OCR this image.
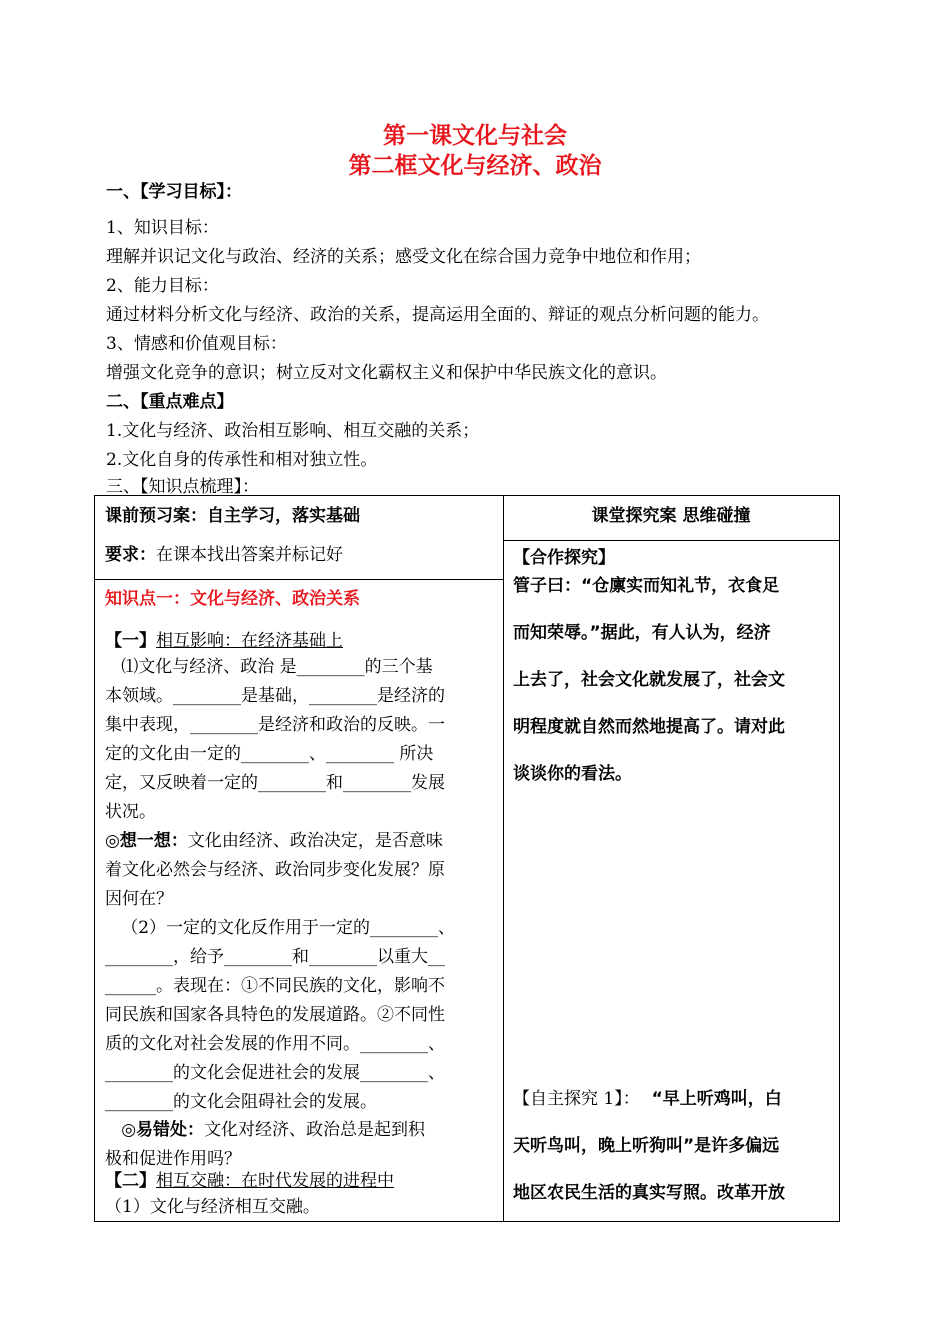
第一课文化与社会
第二框文化与经济、政治
一、【学习目标】：
1、知识目标：
理解并识记文化与政治、经济的关系；感受文化在综合国力竞争中地位和作用；
2、能力目标：
通过材料分析文化与经济、政治的关系，提高运用全面的、辩证的观点分析问题的能力。
3、情感和价值观目标：
增强文化竞争的意识；树立反对文化霸权主义和保护中华民族文化的意识。
二、【重点难点】
1.文化与经济、政治相互影响、相互交融的关系；
2.文化自身的传承性和相对独立性。
三、【知识点梳理】：
课前预习案：自主学习，落实基础
要求：在课本找出答案并标记好
课堂探究案 思维碰撞
知识点一：文化与经济、政治关系
【一】相互影响：在经济基础上
⑴文化与经济、政治 是________的三个基
本领域。________是基础，________是经济的
集中表现，________是经济和政治的反映。一
定的文化由一定的________、________ 所决
定，又反映着一定的________和________发展
状况。
◎想一想：文化由经济、政治决定，是否意味
着文化必然会与经济、政治同步变化发展？原
因何在？
（2）一定的文化反作用于一定的________、
________，给予________和________以重大__
______。表现在：①不同民族的文化，影响不
同民族和国家各具特色的发展道路。②不同性
质的文化对社会发展的作用不同。________、
________的文化会促进社会的发展________、
________的文化会阻碍社会的发展。
◎易错处：文化对经济、政治总是起到积
极和促进作用吗？
【二】相互交融：在时代发展的进程中
（1）文化与经济相互交融。
【合作探究】
管子曰：“仓廪实而知礼节，衣食足
而知荣辱。”据此，有人认为，经济
上去了，社会文化就发展了，社会文
明程度就自然而然地提高了。请对此
谈谈你的看法。
【自主探究 1】：  “早上听鸡叫，白
天听鸟叫，晚上听狗叫”是许多偏远
地区农民生活的真实写照。改革开放
